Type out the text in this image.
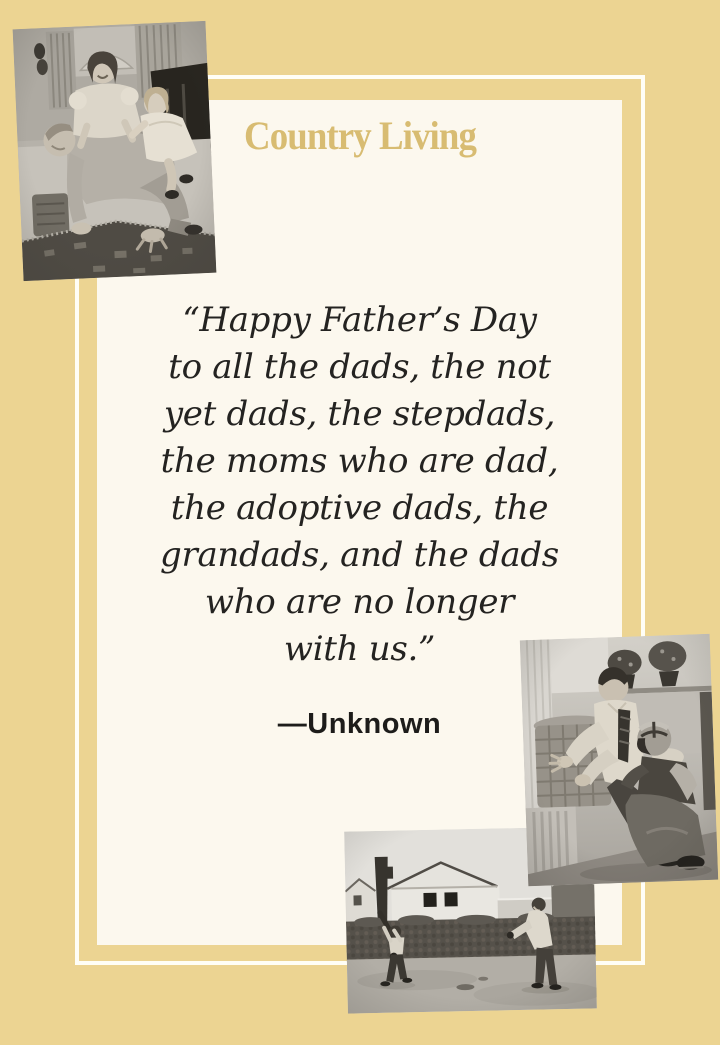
Country Living
“Happy Father’s Day
to all the dads, the not
yet dads, the stepdads,
the moms who are dad,
the adoptive dads, the
grandads, and the dads
who are no longer
with us.”
—Unknown
